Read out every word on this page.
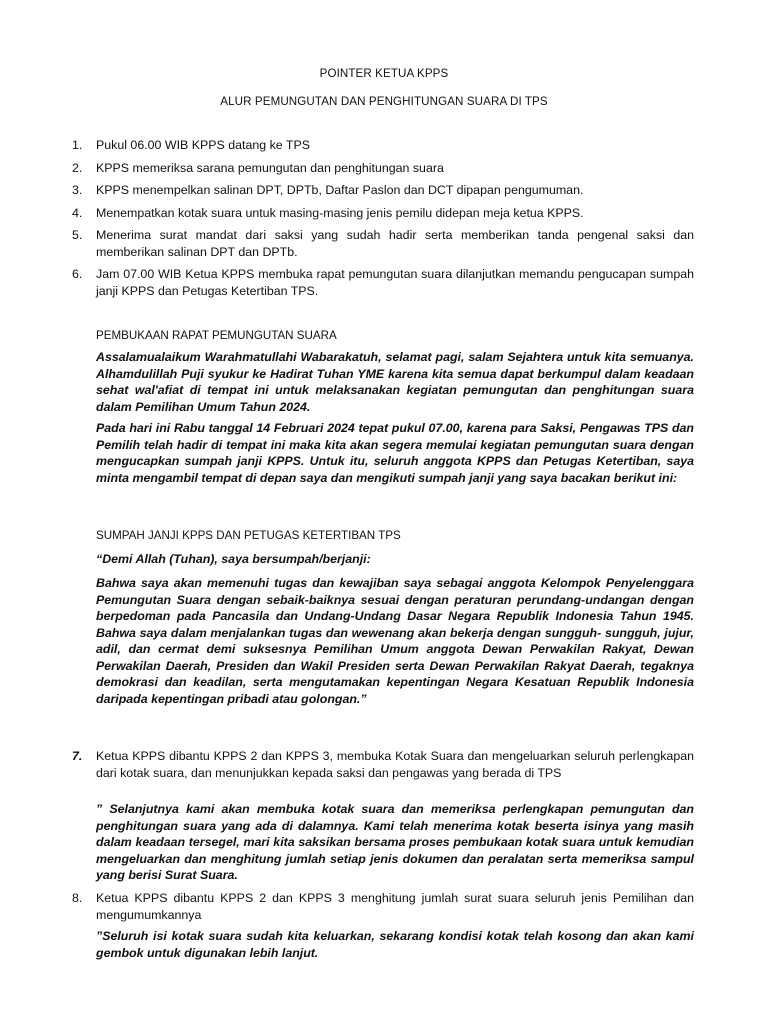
POINTER KETUA KPPS
ALUR PEMUNGUTAN DAN PENGHITUNGAN SUARA DI TPS
1.	Pukul 06.00 WIB KPPS datang ke TPS
2.	KPPS memeriksa sarana pemungutan dan penghitungan suara
3.	KPPS menempelkan salinan DPT, DPTb, Daftar Paslon dan DCT dipapan pengumuman.
4.	Menempatkan kotak suara untuk masing-masing jenis pemilu didepan meja ketua KPPS.
5.	Menerima surat mandat dari saksi yang sudah hadir serta memberikan tanda pengenal saksi dan memberikan salinan DPT dan DPTb.
6.	Jam 07.00 WIB Ketua KPPS membuka rapat pemungutan suara dilanjutkan memandu pengucapan sumpah janji KPPS dan Petugas Ketertiban TPS.
PEMBUKAAN RAPAT PEMUNGUTAN SUARA
Assalamualaikum Warahmatullahi Wabarakatuh, selamat pagi, salam Sejahtera untuk kita semuanya. Alhamdulillah Puji syukur ke Hadirat Tuhan YME karena kita semua dapat berkumpul dalam keadaan sehat wal'afiat di tempat ini untuk melaksanakan kegiatan pemungutan dan penghitungan suara dalam Pemilihan Umum Tahun 2024.
Pada hari ini Rabu tanggal 14 Februari 2024 tepat pukul 07.00, karena para Saksi, Pengawas TPS dan Pemilih telah hadir di tempat ini maka kita akan segera memulai kegiatan pemungutan suara dengan mengucapkan sumpah janji KPPS. Untuk itu, seluruh anggota KPPS dan Petugas Ketertiban, saya minta mengambil tempat di depan saya dan mengikuti sumpah janji yang saya bacakan berikut ini:
SUMPAH JANJI KPPS DAN PETUGAS KETERTIBAN TPS
“Demi Allah (Tuhan), saya bersumpah/berjanji:
Bahwa saya akan memenuhi tugas dan kewajiban saya sebagai anggota Kelompok Penyelenggara Pemungutan Suara dengan sebaik-baiknya sesuai dengan peraturan perundang-undangan dengan berpedoman pada Pancasila dan Undang-Undang Dasar Negara Republik Indonesia Tahun 1945. Bahwa saya dalam menjalankan tugas dan wewenang akan bekerja dengan sungguh- sungguh, jujur, adil, dan cermat demi suksesnya Pemilihan Umum anggota Dewan Perwakilan Rakyat, Dewan Perwakilan Daerah, Presiden dan Wakil Presiden serta Dewan Perwakilan Rakyat Daerah, tegaknya demokrasi dan keadilan, serta mengutamakan kepentingan Negara Kesatuan Republik Indonesia daripada kepentingan pribadi atau golongan.”
7.	Ketua KPPS dibantu KPPS 2 dan KPPS 3, membuka Kotak Suara dan mengeluarkan seluruh perlengkapan dari kotak suara, dan menunjukkan kepada saksi dan pengawas yang berada di TPS
” Selanjutnya kami akan membuka kotak suara dan memeriksa perlengkapan pemungutan dan penghitungan suara yang ada di dalamnya. Kami telah menerima kotak beserta isinya yang masih dalam keadaan tersegel, mari kita saksikan bersama proses pembukaan kotak suara untuk kemudian mengeluarkan dan menghitung jumlah setiap jenis dokumen dan peralatan serta memeriksa sampul yang berisi Surat Suara.
8.	Ketua KPPS dibantu KPPS 2 dan KPPS 3 menghitung jumlah surat suara seluruh jenis Pemilihan dan mengumumkannya
”Seluruh isi kotak suara sudah kita keluarkan, sekarang kondisi kotak telah kosong dan akan kami gembok untuk digunakan lebih lanjut.
